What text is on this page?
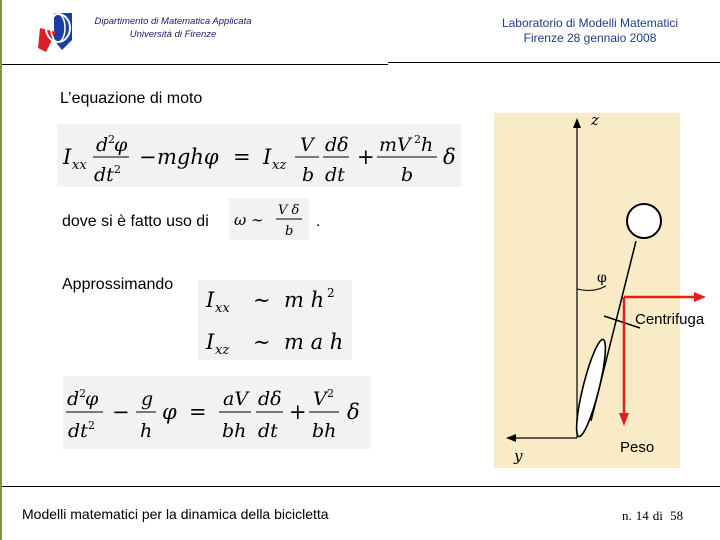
Dipartimento di Matematica Applicata
Università di Firenze
Laboratorio di Modelli Matematici
Firenze 28 gennaio 2008
L’equazione di moto
I xx
d 2 φ
dt 2
− mghφ = I xz
V
b
dδ
dt
+ mV 2 h
b
δ
dove si è fatto uso di ω ∼
V δ
b
.
Approssimando
I xx ∼ m h 2
I xz ∼ m a h
d 2 φ
dt 2
−
g
h
φ =
aV
bh
dδ
dt
+
V 2
bh
δ
z
y
φ
Centrifuga
Peso
Modelli matematici per la dinamica della bicicletta	n. 14 di 58
